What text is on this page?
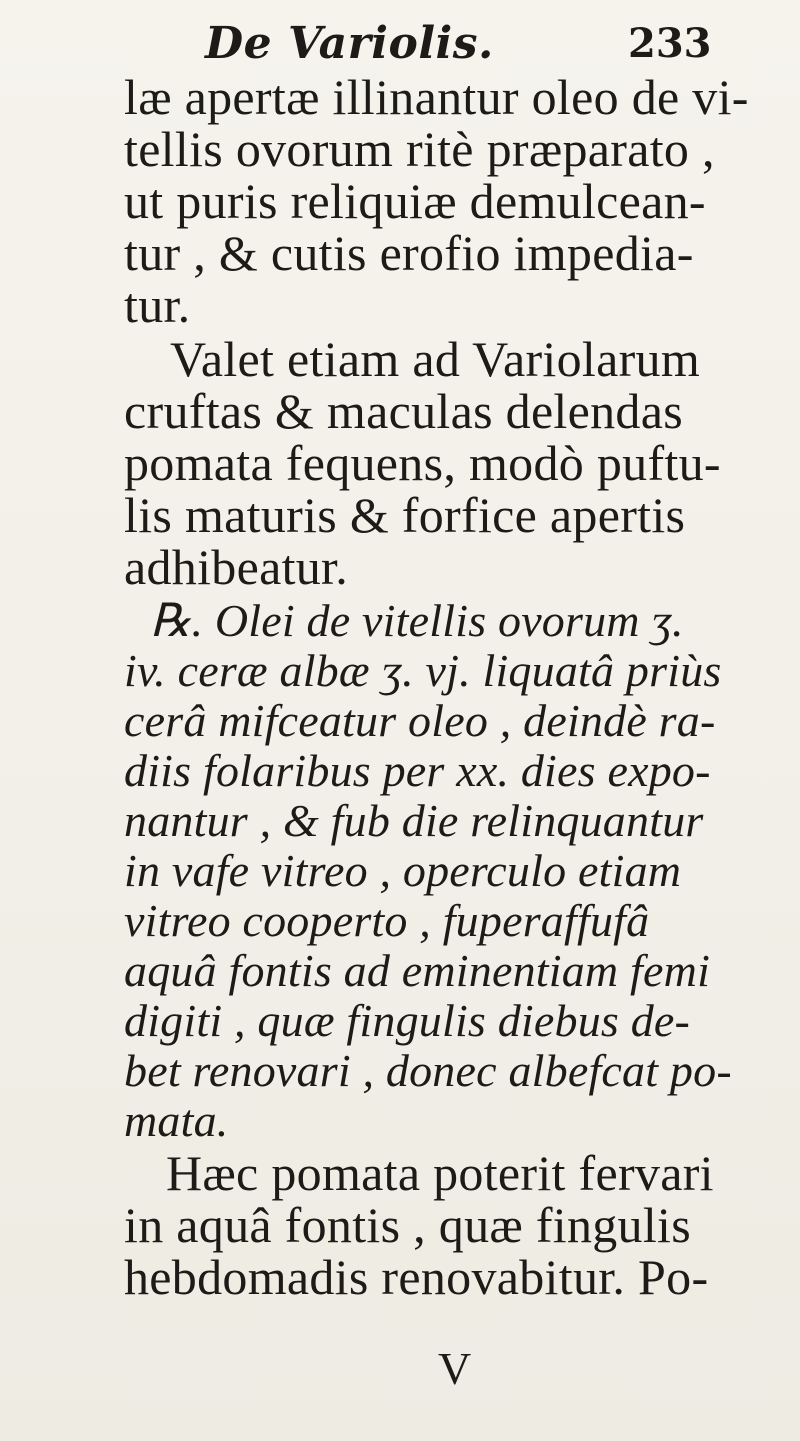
De Variolis.	233
læ apertæ illinantur oleo de vi-
tellis ovorum ritè præparato ,
ut puris reliquiæ demulcean-
tur , & cutis erofio impedia-
tur.
Valet etiam ad Variolarum
cruftas & maculas delendas
pomata fequens, modò puftu-
lis maturis & forfice apertis
adhibeatur.
℞. Olei de vitellis ovorum ʒ.
iv. ceræ albæ ʒ. vj. liquatâ priùs
cerâ mifceatur oleo , deindè ra-
diis folaribus per xx. dies expo-
nantur , & fub die relinquantur
in vafe vitreo , operculo etiam
vitreo cooperto , fuperaffufâ
aquâ fontis ad eminentiam femi
digiti , quæ fingulis diebus de-
bet renovari , donec albefcat po-
mata.
Hæc pomata poterit fervari
in aquâ fontis , quæ fingulis
hebdomadis renovabitur. Po-
V
